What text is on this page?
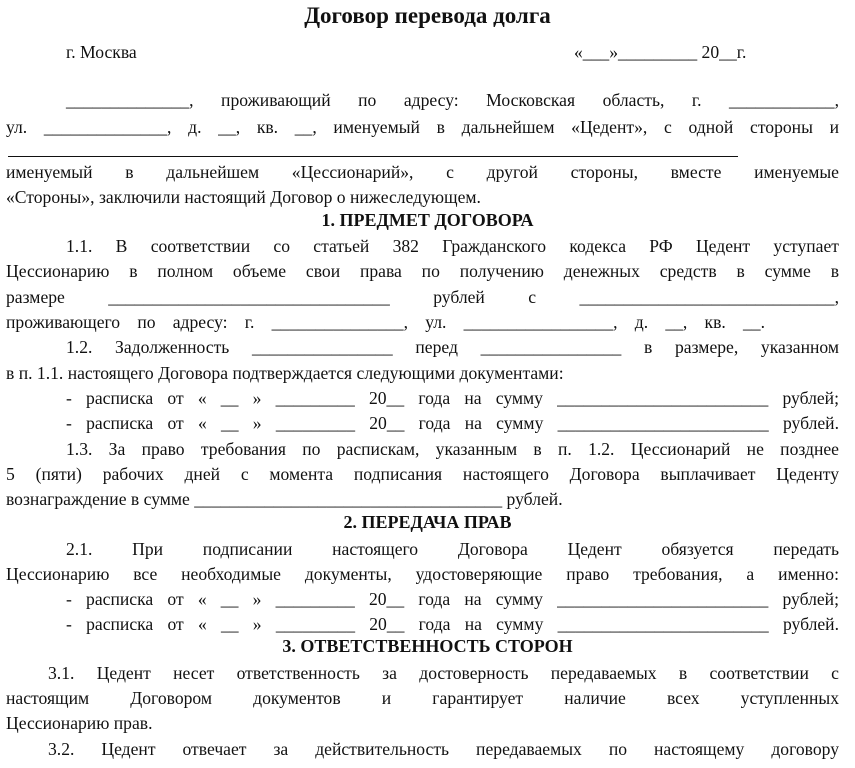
Договор перевода долга
г. Москва	«___»_________ 20__г.
______________, проживающий по адресу: Московская область, г. ____________,
ул. ______________, д. __, кв. __, именуемый в дальнейшем «Цедент», с одной стороны и
именуемый в дальнейшем «Цессионарий», с другой стороны, вместе именуемые
«Стороны», заключили настоящий Договор о нижеследующем.
1. ПРЕДМЕТ ДОГОВОРА
1.1. В соответствии со статьей 382 Гражданского кодекса РФ Цедент уступает
Цессионарию в полном объеме свои права по получению денежных средств в сумме в
размере ________________________________ рублей с _____________________________,
проживающего по адресу: г. _______________, ул. _________________, д. __, кв. __.
1.2. Задолженность ________________ перед ________________ в размере, указанном
в п. 1.1. настоящего Договора подтверждается следующими документами:
- расписка от « __ » _________ 20__ года на сумму ________________________ рублей;
- расписка от « __ » _________ 20__ года на сумму ________________________ рублей.
1.3. За право требования по распискам, указанным в п. 1.2. Цессионарий не позднее
5 (пяти) рабочих дней с момента подписания настоящего Договора выплачивает Цеденту
вознаграждение в сумме ___________________________________ рублей.
2. ПЕРЕДАЧА ПРАВ
2.1. При подписании настоящего Договора Цедент обязуется передать
Цессионарию все необходимые документы, удостоверяющие право требования, а именно:
- расписка от « __ » _________ 20__ года на сумму ________________________ рублей;
- расписка от « __ » _________ 20__ года на сумму ________________________ рублей.
3. ОТВЕТСТВЕННОСТЬ СТОРОН
3.1. Цедент несет ответственность за достоверность передаваемых в соответствии с
настоящим Договором документов и гарантирует наличие всех уступленных
Цессионарию прав.
3.2. Цедент отвечает за действительность передаваемых по настоящему договору
